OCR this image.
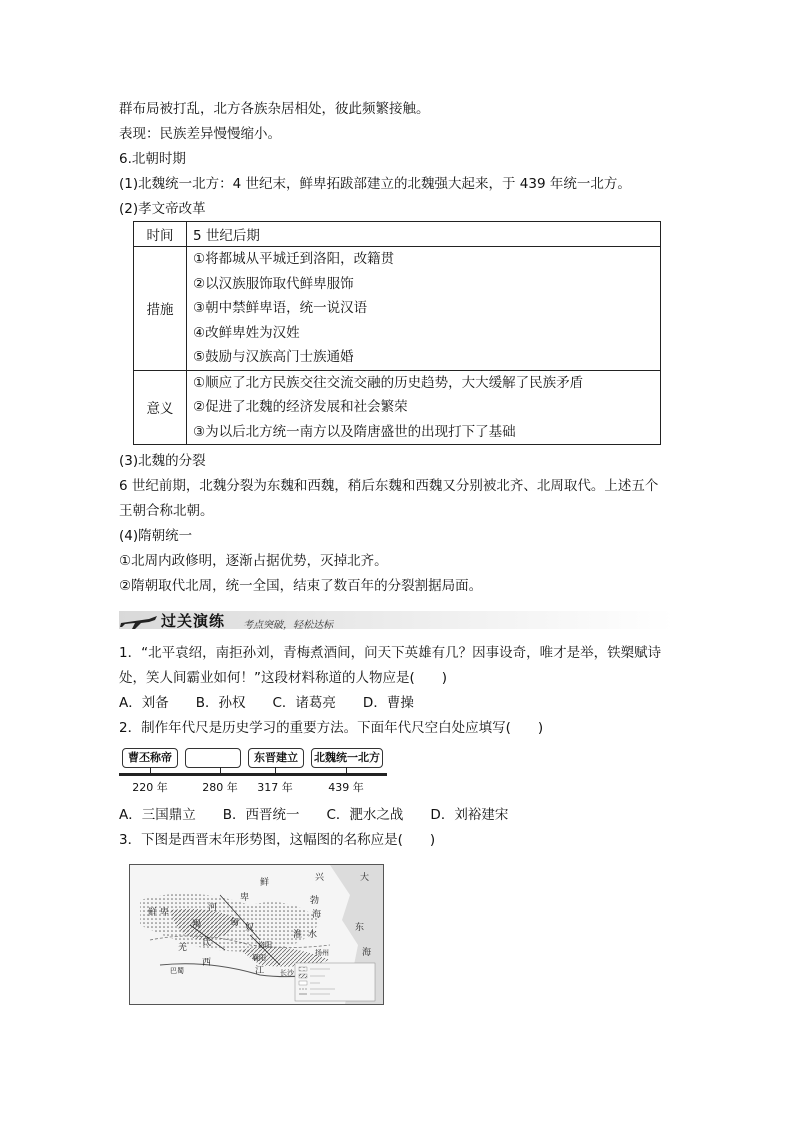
群布局被打乱，北方各族杂居相处，彼此频繁接触。
表现：民族差异慢慢缩小。
6.北朝时期
(1)北魏统一北方：4 世纪末，鲜卑拓跋部建立的北魏强大起来，于 439 年统一北方。
(2)孝文帝改革
时间	5 世纪后期
措施	①将都城从平城迁到洛阳，改籍贯
②以汉族服饰取代鲜卑服饰
③朝中禁鲜卑语，统一说汉语
④改鲜卑姓为汉姓
⑤鼓励与汉族高门士族通婚

意义	①顺应了北方民族交往交流交融的历史趋势，大大缓解了民族矛盾
②促进了北魏的经济发展和社会繁荣
③为以后北方统一南方以及隋唐盛世的出现打下了基础
(3)北魏的分裂
6 世纪前期，北魏分裂为东魏和西魏，稍后东魏和西魏又分别被北齐、北周取代。上述五个
王朝合称北朝。
(4)隋朝统一
①北周内政修明，逐渐占据优势，灭掉北齐。
②隋朝取代北周，统一全国，结束了数百年的分裂割据局面。
过关演练 考点突破，轻松达标
1．“北平袁绍，南拒孙刘，青梅煮酒间，问天下英雄有几？因事设奇，唯才是举，铁槊赋诗
处，笑人间霸业如何！”这段材料称道的人物应是(　　)
A．刘备　　B．孙权　　C．诸葛亮　　D．曹操
2．制作年代尺是历史学习的重要方法。下面年代尺空白处应填写(　　)
曹丕称帝	东晋建立	北魏统一北方
220 年	280 年 317 年	439 年
A．三国鼎立　　B．西晋统一　　C．淝水之战　　D．刘裕建宋
3．下图是西晋末年形势图，这幅图的名称应是(　　)
鲜
卑
鲜 卑	河
匈 奴
羯
氐
羌	洛阳
淮 水
东
海
襄阳
江
西
长沙
扬州
巴蜀
大
兴
勃
海
